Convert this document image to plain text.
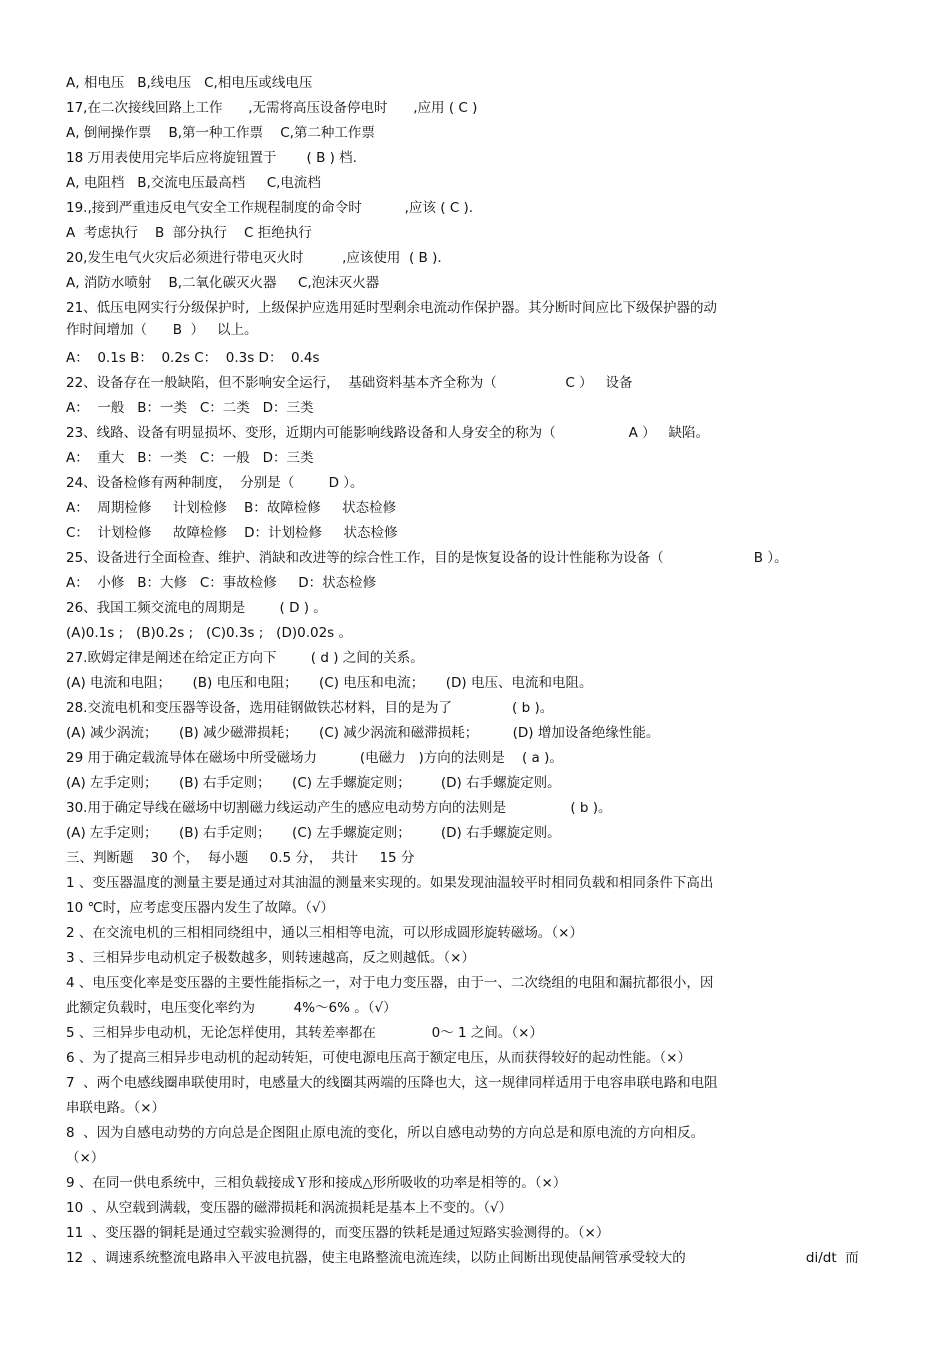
A, 相电压   B,线电压   C,相电压或线电压
17,在二次接线回路上工作      ,无需将高压设备停电时      ,应用 ( C )
A, 倒闸操作票    B,第一种工作票    C,第二种工作票
18 万用表使用完毕后应将旋钮置于       ( B ) 档.
A, 电阻档   B,交流电压最高档     C,电流档
19.,接到严重违反电气安全工作规程制度的命令时          ,应该 ( C ).
A  考虑执行    B  部分执行    C 拒绝执行
20,发生电气火灾后必须进行带电灭火时         ,应该使用  ( B ).
A, 消防水喷射    B,二氧化碳灭火器     C,泡沫灭火器
21、低压电网实行分级保护时,  上级保护应选用延时型剩余电流动作保护器。其分断时间应比下级保护器的动
作时间增加（      B  ）   以上。
A：  0.1s B：  0.2s C：  0.3s D：  0.4s
22、设备存在一般缺陷，但不影响安全运行，  基础资料基本齐全称为（                C ）   设备
A：  一般   B：一类   C：二类   D：三类
23、线路、设备有明显损坏、变形，近期内可能影响线路设备和人身安全的称为（                 A ）   缺陷。
A：  重大   B：一类   C：一般   D：三类
24、设备检修有两种制度，  分别是（        D ）。
A：  周期检修     计划检修    B：故障检修     状态检修
C：  计划检修     故障检修    D：计划检修     状态检修
25、设备进行全面检查、维护、消缺和改进等的综合性工作，目的是恢复设备的设计性能称为设备（                     B ）。
A：  小修   B：大修   C：事故检修     D：状态检修
26、我国工频交流电的周期是        ( D ) 。
(A)0.1s ;   (B)0.2s ;   (C)0.3s ;   (D)0.02s 。
27.欧姆定律是阐述在给定正方向下        ( d ) 之间的关系。
(A) 电流和电阻；     (B) 电压和电阻；     (C) 电压和电流；     (D) 电压、电流和电阻。
28.交流电机和变压器等设备，选用硅钢做铁芯材料，目的是为了              ( b )。
(A) 减少涡流；     (B) 减少磁滞损耗；     (C) 减少涡流和磁滞损耗；        (D) 增加设备绝缘性能。
29 用于确定载流导体在磁场中所受磁场力          (电磁力   )方向的法则是    ( a )。
(A) 左手定则；     (B) 右手定则；     (C) 左手螺旋定则；       (D) 右手螺旋定则。
30.用于确定导线在磁场中切割磁力线运动产生的感应电动势方向的法则是               ( b )。
(A) 左手定则；     (B) 右手定则；     (C) 左手螺旋定则；       (D) 右手螺旋定则。
三、判断题    30 个，  每小题     0.5 分，  共计     15 分
1 、变压器温度的测量主要是通过对其油温的测量来实现的。如果发现油温较平时相同负载和相同条件下高出
10 ℃时，应考虑变压器内发生了故障。（√）
2 、在交流电机的三相相同绕组中，通以三相相等电流，可以形成圆形旋转磁场。（×）
3 、三相异步电动机定子极数越多，则转速越高，反之则越低。（×）
4 、电压变化率是变压器的主要性能指标之一，对于电力变压器，由于一、二次绕组的电阻和漏抗都很小，因
此额定负载时，电压变化率约为         4%～6% 。（√）
5 、三相异步电动机，无论怎样使用，其转差率都在             0～ 1 之间。（×）
6 、为了提高三相异步电动机的起动转矩，可使电源电压高于额定电压，从而获得较好的起动性能。（×）
7  、两个电感线圈串联使用时，电感量大的线圈其两端的压降也大，这一规律同样适用于电容串联电路和电阻
串联电路。（×）
8  、因为自感电动势的方向总是企图阻止原电流的变化，所以自感电动势的方向总是和原电流的方向相反。
（×）
9 、在同一供电系统中，三相负载接成Ｙ形和接成△形所吸收的功率是相等的。（×）
10  、从空载到满载，变压器的磁滞损耗和涡流损耗是基本上不变的。（√）
11  、变压器的铜耗是通过空载实验测得的，而变压器的铁耗是通过短路实验测得的。（×）
12  、调速系统整流电路串入平波电抗器，使主电路整流电流连续，以防止间断出现使晶闸管承受较大的                            di/dt  而
